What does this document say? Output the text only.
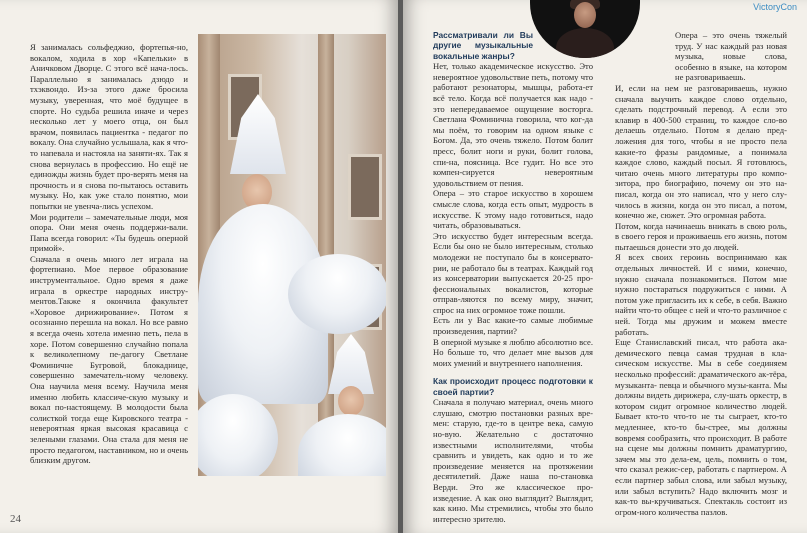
Я занималась сольфеджио, фортепья-но, вокалом, ходила в хор «Капельки» в Аничковом Дворце. С этого всё нача-лось. Параллельно я занималась дзюдо и тхэквондо. Из-за этого даже бросила музыку, уверенная, что моё будущее в спорте. Но судьба решила иначе и через несколько лет у моего отца, он был врачом, появилась пациентка - педагог по вокалу. Она случайно услышала, как я что-то напевала и настояла на заняти-ях. Так я снова вернулась в профессию. Но ещё не единожды жизнь будет про-верять меня на прочность и я снова по-пытаюсь оставить музыку. Но, как уже стало понятно, мои попытки не увенча-лись успехом.

Мои родители – замечательные люди, моя опора. Они меня очень поддержи-вали. Папа всегда говорил: «Ты будешь оперной примой».

Сначала я очень много лет играла на фортепиано. Мое первое образование инструментальное. Одно время я даже играла в оркестре народных инстру-ментов.Также я окончила факультет «Хоровое дирижирование». Потом я осознанно перешла на вокал. Но все равно я всегда очень хотела именно петь, пела в хоре. Потом совершенно случайно попала к великолепному пе-дагогу Светлане Фоминичне Бугровой, блокаднице, совершенно замечатель-ному человеку. Она научила меня всему. Научила меня именно любить классиче-скую музыку и вокал по-настоящему. В молодости была солисткой тогда еще Кировского театра - невероятная яркая высокая красавица с зелеными глазами. Она стала для меня не просто педагогом, наставником, но и очень близким другом.

24
VictoryCon

Рассматривали ли Вы другие музыкальные вокальные жанры?

Нет, только академическое искусство. Это невероятное удовольствие петь, потому что работают резонаторы, мышцы, работа-ет всё тело. Когда всё получается как надо - это непередаваемое ощущение восторга. Светлана Фоминична говорила, что ког-да мы поём, то говорим на одном языке с Богом. Да, это очень тяжело. Потом болит пресс, болит ноги и руки, болит голова, спи-на, поясница. Все гудит. Но все это компен-сируется невероятным удовольствием от пения.

Опера – это старое искусство в хорошем смысле слова, когда есть опыт, мудрость в искусстве. К этому надо готовиться, надо читать, образовываться.

Это искусство будет интересным всегда. Если бы оно не было интересным, столько молодежи не поступало бы в консервато-рии, не работало бы в театрах. Каждый год из консерватории выпускается 20-25 про-фессиональных вокалистов, которые отправ-ляются по всему миру, значит, спрос на них огромное тоже пошли.

Есть ли у Вас какие-то самые любимые произведения, партии?

В оперной музыке я люблю абсолютно все. Но больше то, что делает мне вызов для моих умений и внутреннего наполнения.

Как происходит процесс подготовки к своей партии?

Сначала я получаю материал, очень много слушаю, смотрю постановки разных вре-мен: старую, где-то в центре века, самую но-вую. Желательно с достаточно известными исполнителями, чтобы сравнить и увидеть, как одно и то же произведение меняется на протяжении десятилетий. Даже наша по-становка Верди. Это же классическое про-изведение. А как оно выглядит? Выглядит, как кино. Мы стремились, чтобы это было интересно зрителю.

Опера – это очень тяжелый труд. У нас каждый раз новая музыка, новые слова, особенно в языке, на котором не разговариваешь.

И, если на нем не разговариваешь, нужно сначала выучить каждое слово отдельно, сделать подстрочный перевод. А если это клавир в 400-500 страниц, то каждое сло-во делаешь отдельно. Потом я делаю пред-ложения для того, чтобы я не просто пела какие-то фразы рандомные, а понимала каждое слово, каждый посыл. Я готовлюсь, читаю очень много литературы про компо-зитора, про биографию, почему он это на-писал, когда он это написал, что у него слу-чилось в жизни, когда он это писал, а потом, конечно же, сюжет. Это огромная работа.

Потом, когда начинаешь вникать в свою роль, в своего героя и проживаешь его жизнь, потом пытаешься донести это до людей.

Я всех своих героинь воспринимаю как отдельных личностей. И с ними, конечно, нужно сначала познакомиться. Потом мне нужно постараться подружиться с ними. А потом уже пригласить их к себе, в себя. Важно найти что-то общее с ней и что-то различное с ней. Тогда мы дружим и можем вместе работать.

Еще Станиславский писал, что работа ака-демического певца самая трудная в кла-сическом искусстве. Мы в себе соединяем несколько профессий: драматического ак-тёра, музыканта- певца и обычного музы-канта. Мы должны видеть дирижера, слу-шать оркестр, в котором сидит огромное количество людей. Бывает кто-то что-то не ты сыграет, кто-то медленнее, кто-то бы-стрее, мы должны вовремя сообразить, что происходит. В работе на сцене мы должны помнить драматургию, зачем мы это дела-ем, цель, помнить о том, что сказал режис-сер, работать с партнером. А если партнер забыл слова, или забыл музыку, или забыл вступить? Надо включить мозг и как-то вы-кручиваться. Спектакль состоит из огром-ного количества пазлов.
